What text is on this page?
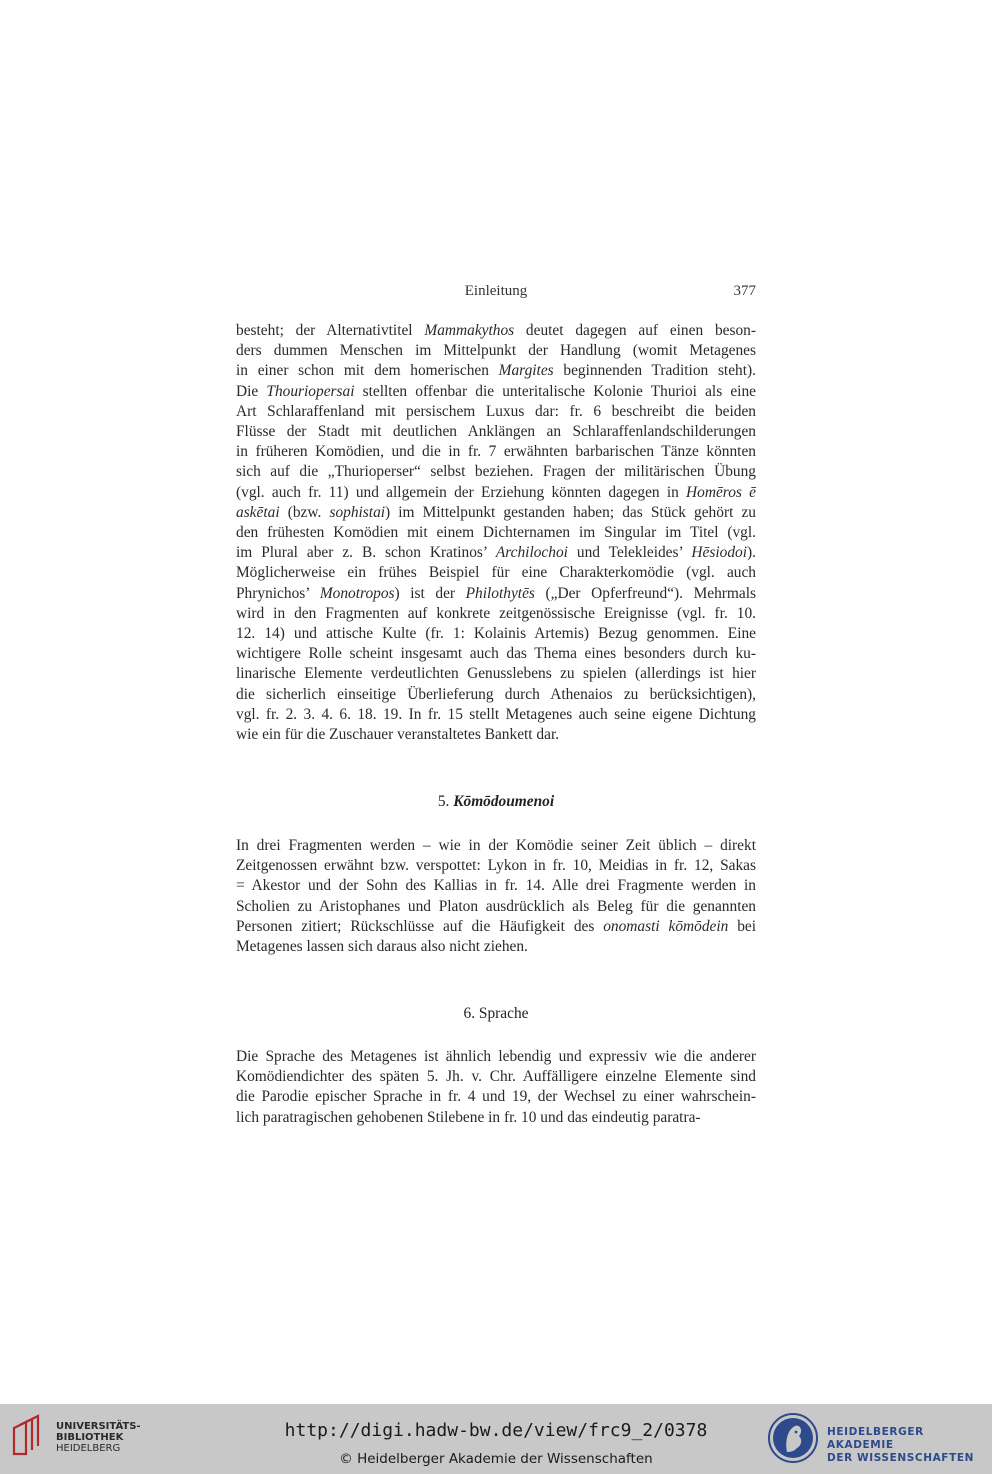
Einleitung	377
besteht; der Alternativtitel Mammakythos deutet dagegen auf einen beson-
ders dummen Menschen im Mittelpunkt der Handlung (womit Metagenes
in einer schon mit dem homerischen Margites beginnenden Tradition steht).
Die Thouriopersai stellten offenbar die unteritalische Kolonie Thurioi als eine
Art Schlaraffenland mit persischem Luxus dar: fr. 6 beschreibt die beiden
Flüsse der Stadt mit deutlichen Anklängen an Schlaraffenlandschilderungen
in früheren Komödien, und die in fr. 7 erwähnten barbarischen Tänze könnten
sich auf die „Thurioperser“ selbst beziehen. Fragen der militärischen Übung
(vgl. auch fr. 11) und allgemein der Erziehung könnten dagegen in Homēros ē
askētai (bzw. sophistai) im Mittelpunkt gestanden haben; das Stück gehört zu
den frühesten Komödien mit einem Dichternamen im Singular im Titel (vgl.
im Plural aber z. B. schon Kratinos’ Archilochoi und Telekleides’ Hēsiodoi).
Möglicherweise ein frühes Beispiel für eine Charakterkomödie (vgl. auch
Phrynichos’ Monotropos) ist der Philothytēs („Der Opferfreund“). Mehrmals
wird in den Fragmenten auf konkrete zeitgenössische Ereignisse (vgl. fr. 10.
12. 14) und attische Kulte (fr. 1: Kolainis Artemis) Bezug genommen. Eine
wichtigere Rolle scheint insgesamt auch das Thema eines besonders durch ku-
linarische Elemente verdeutlichten Genusslebens zu spielen (allerdings ist hier
die sicherlich einseitige Überlieferung durch Athenaios zu berücksichtigen),
vgl. fr. 2. 3. 4. 6. 18. 19. In fr. 15 stellt Metagenes auch seine eigene Dichtung
wie ein für die Zuschauer veranstaltetes Bankett dar.
5. Kōmōdoumenoi
In drei Fragmenten werden – wie in der Komödie seiner Zeit üblich – direkt
Zeitgenossen erwähnt bzw. verspottet: Lykon in fr. 10, Meidias in fr. 12, Sakas
= Akestor und der Sohn des Kallias in fr. 14. Alle drei Fragmente werden in
Scholien zu Aristophanes und Platon ausdrücklich als Beleg für die genannten
Personen zitiert; Rückschlüsse auf die Häufigkeit des onomasti kōmōdein bei
Metagenes lassen sich daraus also nicht ziehen.
6. Sprache
Die Sprache des Metagenes ist ähnlich lebendig und expressiv wie die anderer
Komödiendichter des späten 5. Jh. v. Chr. Auffälligere einzelne Elemente sind
die Parodie epischer Sprache in fr. 4 und 19, der Wechsel zu einer wahrschein-
lich paratragischen gehobenen Stilebene in fr. 10 und das eindeutig paratra-
UNIVERSITÄTS-
BIBLIOTHEK
HEIDELBERG
http://digi.hadw-bw.de/view/frc9_2/0378
© Heidelberger Akademie der Wissenschaften
HEIDELBERGER AKADEMIE
DER WISSENSCHAFTEN
